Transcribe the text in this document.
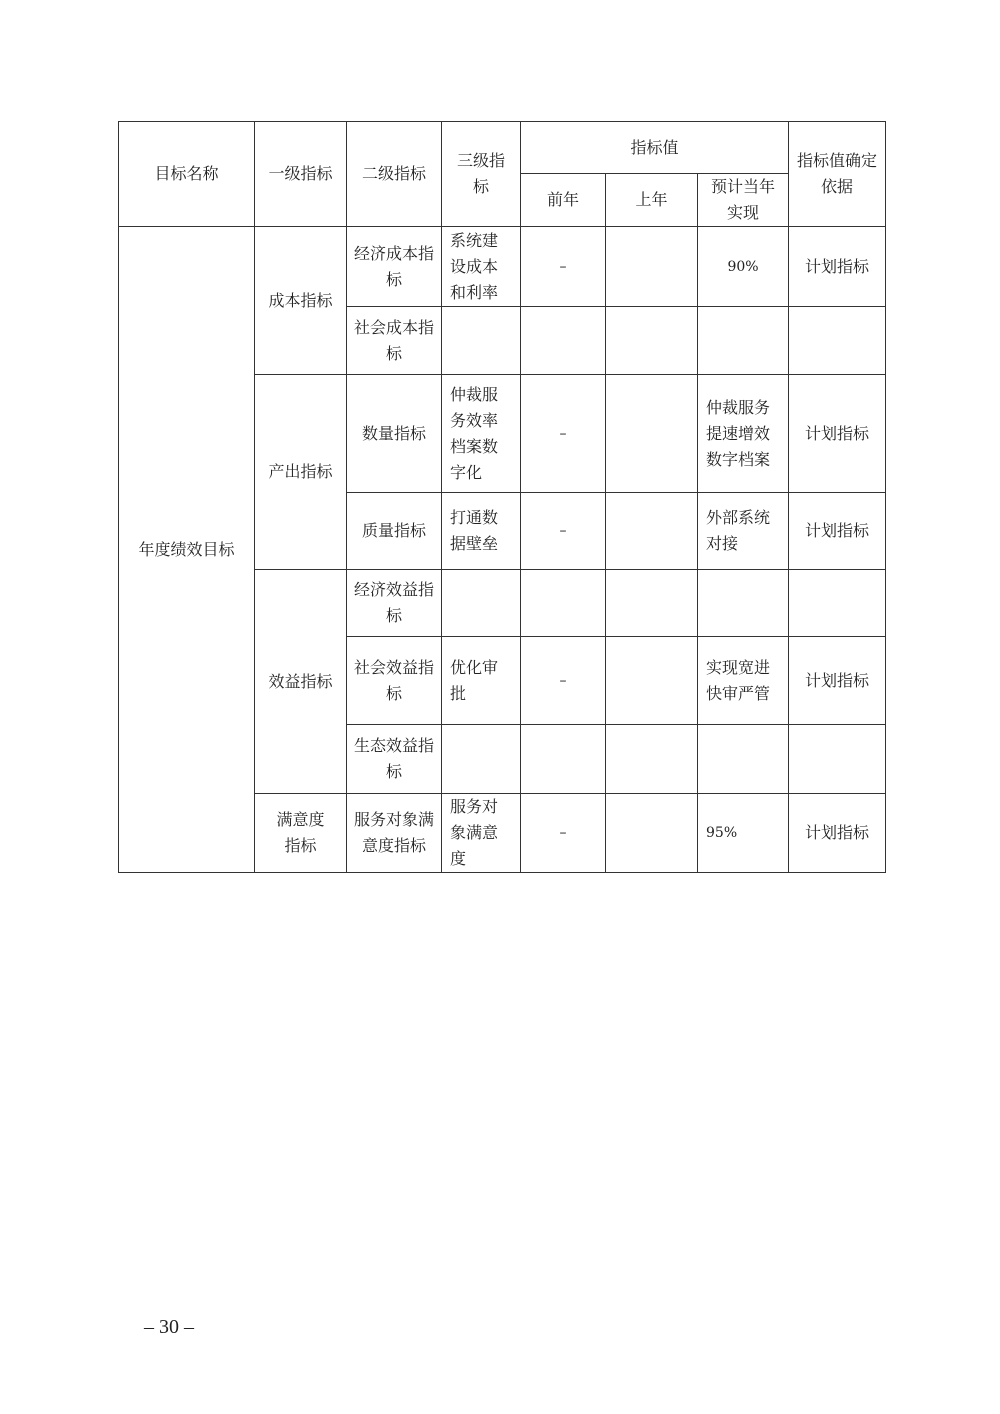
目标名称	一级指标	二级指标	三级指标	指标值			指标值确定依据
				前年	上年	预计当年实现	
年度绩效目标	成本指标	经济成本指标	系统建设成本和利率	–		90%	计划指标
		社会成本指标					
	产出指标	数量指标	仲裁服务效率档案数字化	–		仲裁服务提速增效数字档案	计划指标
		质量指标	打通数据壁垒	–		外部系统对接	计划指标
	效益指标	经济效益指标					
		社会效益指标	优化审批	–		实现宽进快审严管	计划指标
		生态效益指标					
	满意度指标	服务对象满意度指标	服务对象满意度	–		95%	计划指标
– 30 –
